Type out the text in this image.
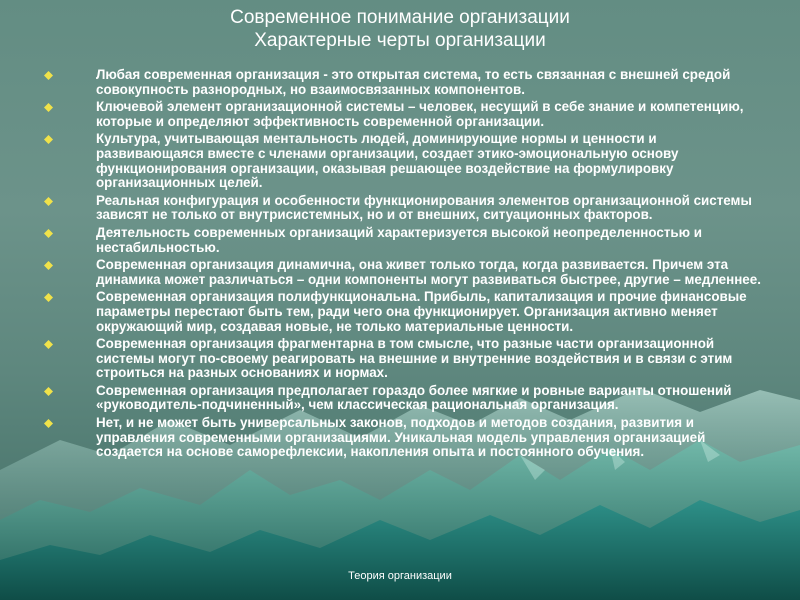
Современное понимание организации
Характерные черты организации
Любая современная организация - это открытая система, то есть связанная с внешней средой совокупность разнородных, но взаимосвязанных компонентов.
Ключевой элемент организационной системы – человек, несущий в себе знание и компетенцию, которые и определяют эффективность современной организации.
Культура, учитывающая ментальность людей, доминирующие нормы и ценности и развивающаяся вместе с членами организации, создает этико-эмоциональную основу функционирования организации, оказывая решающее воздействие на формулировку организационных целей.
Реальная конфигурация и особенности функционирования элементов организационной системы зависят не только от внутрисистемных, но и от внешних, ситуационных факторов.
Деятельность современных организаций характеризуется высокой неопределенностью и нестабильностью.
Современная организация динамична, она живет только тогда, когда развивается. Причем эта динамика может различаться – одни компоненты могут развиваться быстрее, другие – медленнее.
Современная организация полифункциональна. Прибыль, капитализация и прочие финансовые параметры перестают быть тем, ради чего она функционирует. Организация активно меняет окружающий мир, создавая новые, не только материальные ценности.
Современная организация фрагментарна в том смысле, что разные части организационной системы могут по-своему реагировать на внешние и внутренние воздействия и в связи с этим строиться на разных основаниях и нормах.
Современная организация предполагает гораздо более мягкие и ровные варианты отношений «руководитель-подчиненный», чем классическая рациональная организация.
Нет, и не может быть универсальных законов, подходов и методов создания, развития и управления современными организациями. Уникальная модель управления организацией создается на основе саморефлексии, накопления опыта и постоянного обучения.
Теория организации
